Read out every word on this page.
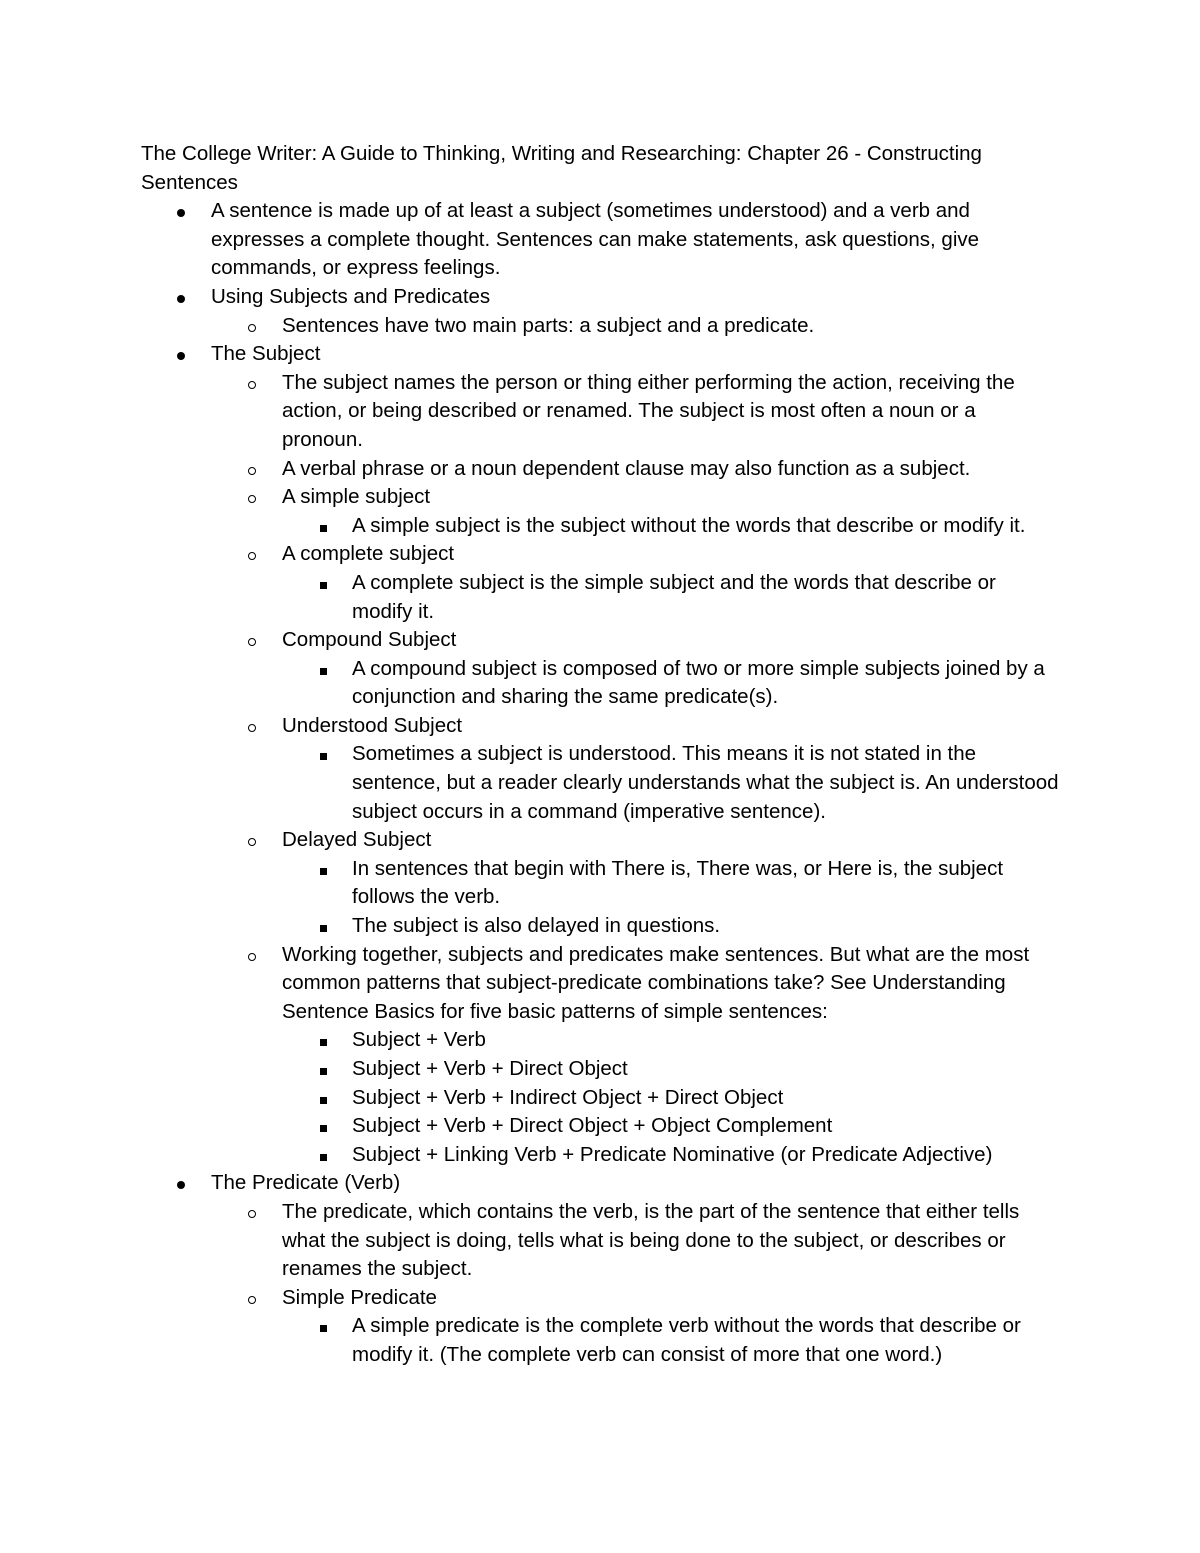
The College Writer: A Guide to Thinking, Writing and Researching: Chapter 26 - Constructing Sentences
A sentence is made up of at least a subject (sometimes understood) and a verb and expresses a complete thought. Sentences can make statements, ask questions, give commands, or express feelings.
Using Subjects and Predicates
Sentences have two main parts: a subject and a predicate.
The Subject
The subject names the person or thing either performing the action, receiving the action, or being described or renamed. The subject is most often a noun or a pronoun.
A verbal phrase or a noun dependent clause may also function as a subject.
A simple subject
A simple subject is the subject without the words that describe or modify it.
A complete subject
A complete subject is the simple subject and the words that describe or modify it.
Compound Subject
A compound subject is composed of two or more simple subjects joined by a conjunction and sharing the same predicate(s).
Understood Subject
Sometimes a subject is understood. This means it is not stated in the sentence, but a reader clearly understands what the subject is. An understood subject occurs in a command (imperative sentence).
Delayed Subject
In sentences that begin with There is, There was, or Here is, the subject follows the verb.
The subject is also delayed in questions.
Working together, subjects and predicates make sentences. But what are the most common patterns that subject-predicate combinations take? See Understanding Sentence Basics for five basic patterns of simple sentences:
Subject + Verb
Subject + Verb + Direct Object
Subject + Verb + Indirect Object + Direct Object
Subject + Verb + Direct Object + Object Complement
Subject + Linking Verb + Predicate Nominative (or Predicate Adjective)
The Predicate (Verb)
The predicate, which contains the verb, is the part of the sentence that either tells what the subject is doing, tells what is being done to the subject, or describes or renames the subject.
Simple Predicate
A simple predicate is the complete verb without the words that describe or modify it. (The complete verb can consist of more that one word.)
